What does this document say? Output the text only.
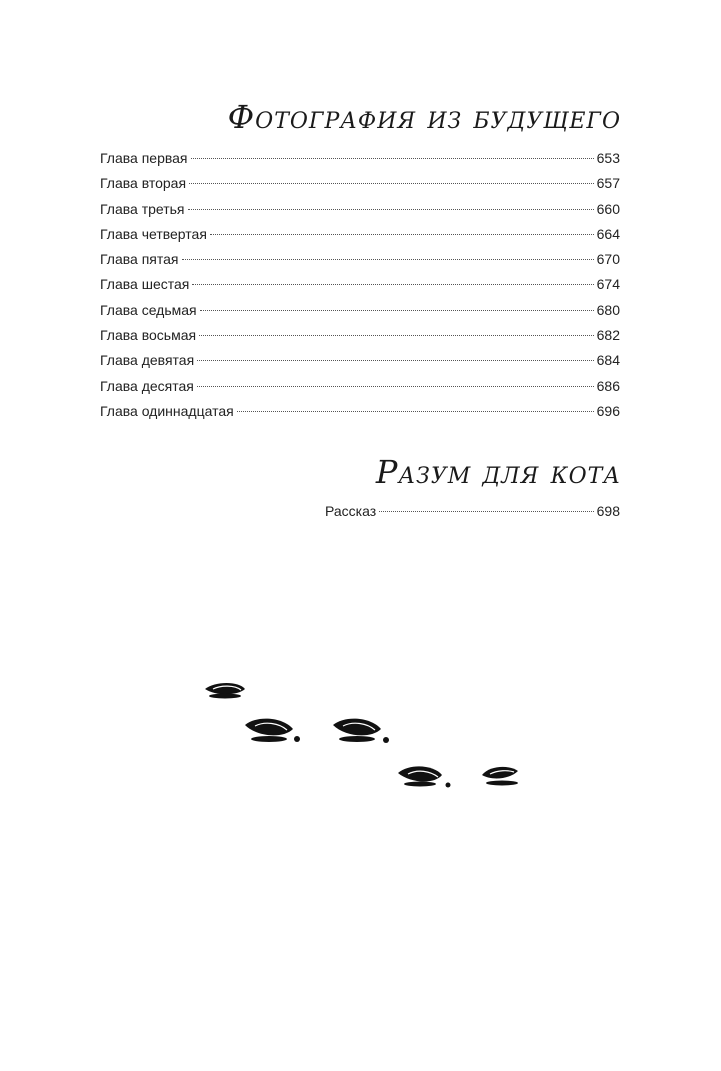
Фотография из будущего
Глава первая	653
Глава вторая	657
Глава третья	660
Глава четвертая	664
Глава пятая	670
Глава шестая	674
Глава седьмая	680
Глава восьмая	682
Глава девятая	684
Глава десятая	686
Глава одиннадцатая	696
Разум для кота
Рассказ	698
